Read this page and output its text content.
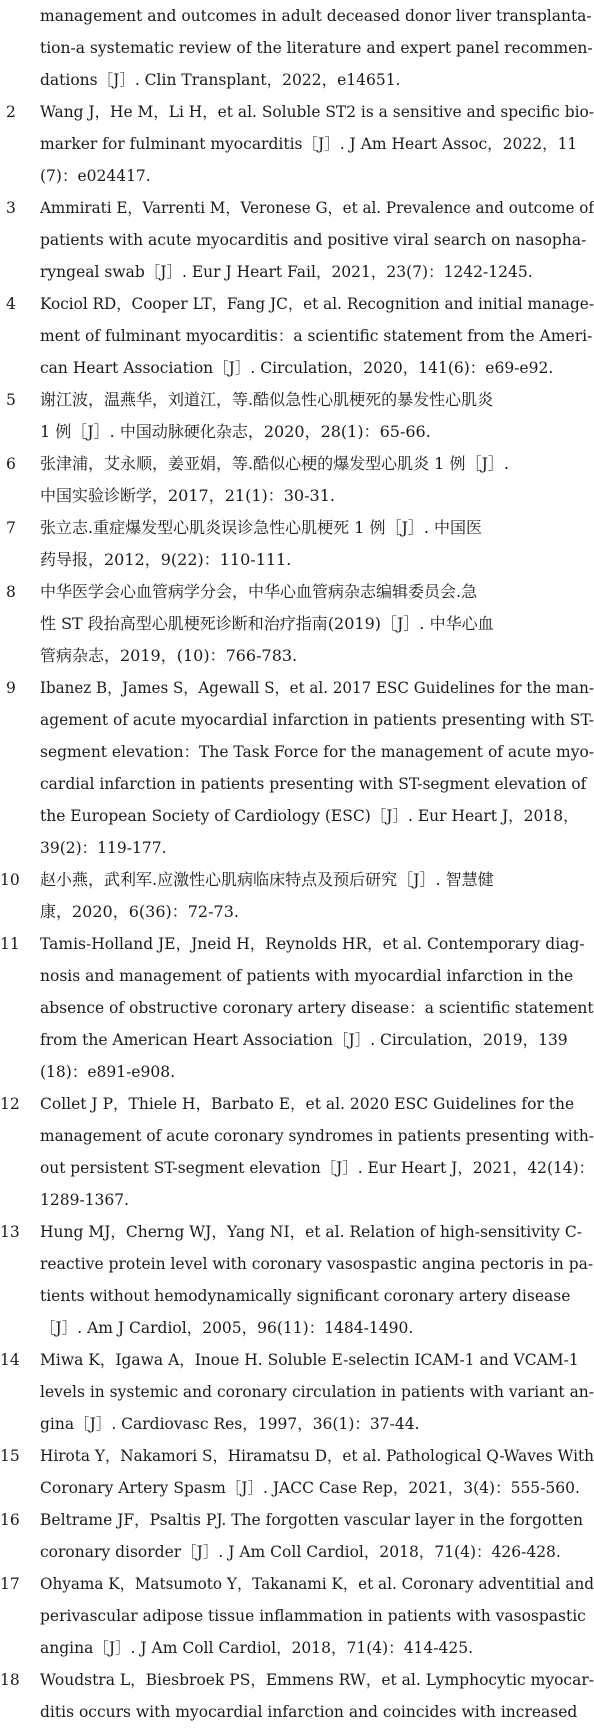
management and outcomes in adult deceased donor liver transplanta-
tion-a systematic review of the literature and expert panel recommen-
dations［J］. Clin Transplant，2022，e14651.
2	Wang J，He M，Li H，et al. Soluble ST2 is a sensitive and specific bio-
marker for fulminant myocarditis［J］. J Am Heart Assoc，2022，11
(7)：e024417.
3	Ammirati E，Varrenti M，Veronese G，et al. Prevalence and outcome of
patients with acute myocarditis and positive viral search on nasopha-
ryngeal swab［J］. Eur J Heart Fail，2021，23(7)：1242-1245.
4	Kociol RD，Cooper LT，Fang JC，et al. Recognition and initial manage-
ment of fulminant myocarditis：a scientific statement from the Ameri-
can Heart Association［J］. Circulation，2020，141(6)：e69-e92.
5	谢江波，温燕华，刘道江，等.酷似急性心肌梗死的暴发性心肌炎
1 例［J］. 中国动脉硬化杂志，2020，28(1)：65-66.
6	张津浦，艾永顺，姜亚娟，等.酷似心梗的爆发型心肌炎 1 例［J］.
中国实验诊断学，2017，21(1)：30-31.
7	张立志.重症爆发型心肌炎误诊急性心肌梗死 1 例［J］. 中国医
药导报，2012，9(22)：110-111.
8	中华医学会心血管病学分会，中华心血管病杂志编辑委员会.急
性 ST 段抬高型心肌梗死诊断和治疗指南(2019)［J］. 中华心血
管病杂志，2019，(10)：766-783.
9	Ibanez B，James S，Agewall S，et al. 2017 ESC Guidelines for the man-
agement of acute myocardial infarction in patients presenting with ST-
segment elevation：The Task Force for the management of acute myo-
cardial infarction in patients presenting with ST-segment elevation of
the European Society of Cardiology (ESC)［J］. Eur Heart J，2018，
39(2)：119-177.
10	赵小燕，武利军.应激性心肌病临床特点及预后研究［J］. 智慧健
康，2020，6(36)：72-73.
11	Tamis-Holland JE，Jneid H，Reynolds HR，et al. Contemporary diag-
nosis and management of patients with myocardial infarction in the
absence of obstructive coronary artery disease：a scientific statement
from the American Heart Association［J］. Circulation，2019，139
(18)：e891-e908.
12	Collet J P，Thiele H，Barbato E，et al. 2020 ESC Guidelines for the
management of acute coronary syndromes in patients presenting with-
out persistent ST-segment elevation［J］. Eur Heart J，2021，42(14)：
1289-1367.
13	Hung MJ，Cherng WJ，Yang NI，et al. Relation of high-sensitivity C-
reactive protein level with coronary vasospastic angina pectoris in pa-
tients without hemodynamically significant coronary artery disease
［J］. Am J Cardiol，2005，96(11)：1484-1490.
14	Miwa K，Igawa A，Inoue H. Soluble E-selectin ICAM-1 and VCAM-1
levels in systemic and coronary circulation in patients with variant an-
gina［J］. Cardiovasc Res，1997，36(1)：37-44.
15	Hirota Y，Nakamori S，Hiramatsu D，et al. Pathological Q-Waves With
Coronary Artery Spasm［J］. JACC Case Rep，2021，3(4)：555-560.
16	Beltrame JF，Psaltis PJ. The forgotten vascular layer in the forgotten
coronary disorder［J］. J Am Coll Cardiol，2018，71(4)：426-428.
17	Ohyama K，Matsumoto Y，Takanami K，et al. Coronary adventitial and
perivascular adipose tissue inflammation in patients with vasospastic
angina［J］. J Am Coll Cardiol，2018，71(4)：414-425.
18	Woudstra L，Biesbroek PS，Emmens RW，et al. Lymphocytic myocar-
ditis occurs with myocardial infarction and coincides with increased
